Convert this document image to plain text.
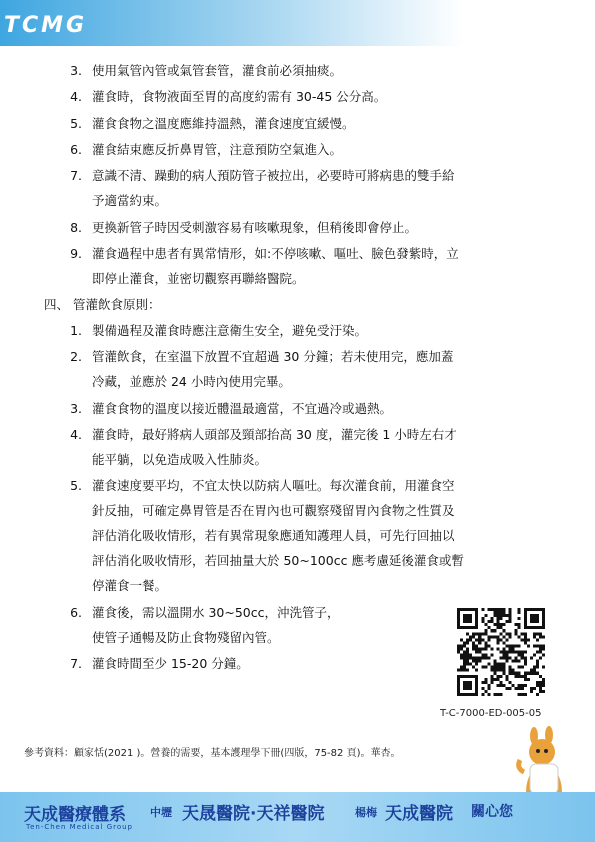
TCMG
3. 使用氣管內管或氣管套管，灌食前必須抽痰。
4. 灌食時，食物液面至胃的高度約需有 30-45 公分高。
5. 灌食食物之溫度應維持溫熱，灌食速度宜緩慢。
6. 灌食結束應反折鼻胃管，注意預防空氣進入。
7. 意識不清、躁動的病人預防管子被拉出，必要時可將病患的雙手給
予適當約束。
8. 更換新管子時因受刺激容易有咳嗽現象，但稍後即會停止。
9. 灌食過程中患者有異常情形，如:不停咳嗽、嘔吐、臉色發紫時，立
即停止灌食，並密切觀察再聯絡醫院。
四、 管灌飲食原則：
1. 製備過程及灌食時應注意衛生安全，避免受汙染。
2. 管灌飲食，在室溫下放置不宜超過 30 分鐘；若未使用完，應加蓋
冷藏，並應於 24 小時內使用完畢。
3. 灌食食物的溫度以接近體溫最適當，不宜過冷或過熱。
4. 灌食時，最好將病人頭部及頸部抬高 30 度，灌完後 1 小時左右才
能平躺，以免造成吸入性肺炎。
5. 灌食速度要平均，不宜太快以防病人嘔吐。每次灌食前，用灌食空
針反抽，可確定鼻胃管是否在胃內也可觀察殘留胃內食物之性質及
評估消化吸收情形，若有異常現象應通知護理人員，可先行回抽以
評估消化吸收情形，若回抽量大於 50~100cc 應考慮延後灌食或暫
停灌食一餐。
6. 灌食後，需以溫開水 30~50cc，沖洗管子，
使管子通暢及防止食物殘留內管。
7. 灌食時間至少 15-20 分鐘。
T-C-7000-ED-005-05
參考資料：顧家恬(2021 )。營養的需要，基本護理學下冊(四版，75-82 頁)。華杏。
天成醫療體系
Ten-Chen Medical Group
中壢 天晟醫院·天祥醫院	楊梅 天成醫院 關心您
